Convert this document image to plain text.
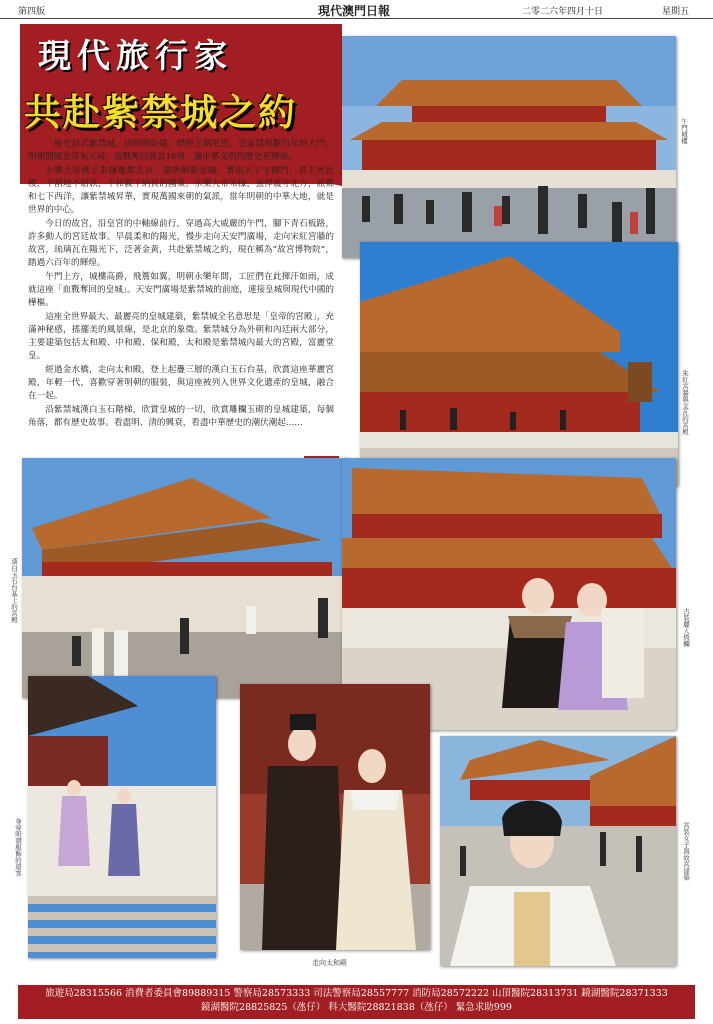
第四版	現代澳門日報	二零二六年四月十日	星期五
現代旅行家
共赴紫禁城之約

一座史詩式紫禁城，由明朝始建，歷經王朝更迭，皇家禁苑數百年的大門，明朝開國皇帝朱元璋，血戰奪回燕雲16州，讓中華文明的歷史更輝煌。

永樂大帝燕王朱棣遷都北京，建明朝新皇城，實現天子守國門，君王死社稷，不割地不賠款，不和親不納貢的國策。永樂大帝朱棣，強悍震守北方，派鄭和七下西洋，讓紫禁城昇華，實現萬國來朝的氣派，當年明朝的中華大地，就是世界的中心。

今日的故宮，沿皇宮的中軸線前行，穿過高大威嚴的午門，腳下青石板路，許多動人的宮廷故事。早晨柔和的陽光，慢步走向天安門廣場，走向宋紅宮牆的故宮，琉璃瓦在陽光下，泛著金黃，共赴紫禁城之約，現在稱為”故宮博物院”，踏過六百年的輝煌。

午門上方，城樓高爵，飛簷如翼，明朝永樂年間，工匠們在此揮汗如雨，成就這座「血戰奪回的皇城」。天安門廣場是紫禁城的前庭，連接皇城與現代中國的樺樞。

這座全世界最大、最麗亮的皇城建築，紫禁城全名意思是「皇帝的宮殿」，充滿神秘感，搖擺美的風景線，是北京的象徵。紫禁城分為外朝和內廷兩大部分，主要建築包括太和殿、中和殿、保和殿，太和殿是紫禁城內最大的宮殿，富麗堂皇。

經過金水橋，走向太和殿，登上起疊三層的漢白玉石台基，欣賞這座華麗宮殿，年輕一代，喜歡穿著明朝的服裝，與這座被列入世界文化遺產的皇城，融合在一起。

沿紫禁城漢白玉石階梯，欣賞皇城的一切，欣賞雕欄玉砌的皇城建築，每個角落，都有歷史故事。看盡明、清的興衰，看盡中華歷史的潮伏潮起……

午門城樓
朱紅宮牆與金瓦的宮殿
漢白玉石台基上的宮殿
古裝麗人倚欄
身穿明朝服飾的遊客
走向太和殿
宮裝女子與故宮建築
旅遊局28315566 消費者委員會89889315 警察局28573333 司法警察局28557777 消防局28572222 山頂醫院28313731 鏡湖醫院28371333
鏡湖醫院28825825（氹仔） 科大醫院28821838（氹仔） 緊急求助999
